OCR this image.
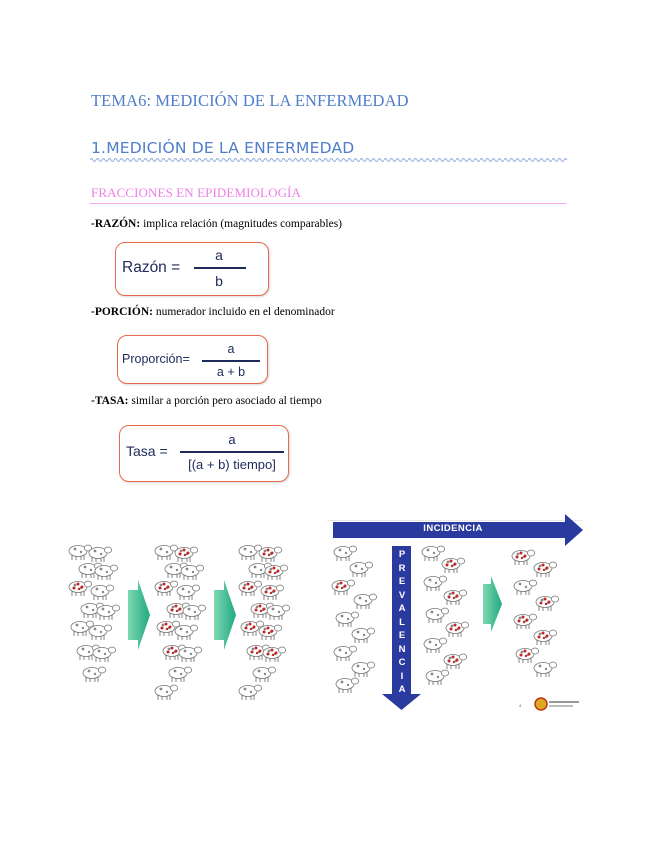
TEMA6: MEDICIÓN DE LA ENFERMEDAD
1.MEDICIÓN DE LA ENFERMEDAD
FRACCIONES EN EPIDEMIOLOGÍA

-RAZÓN: implica relación (magnitudes comparables)

Razón =
a
b

-PORCIÓN: numerador incluido en el denominador

Proporción=
a
a + b

-TASA: similar a porción pero asociado al tiempo

Tasa =
a
[(a + b) tiempo]
4
INCIDENCIA
P
R
E
V
A
L
E
N
C
I
A
